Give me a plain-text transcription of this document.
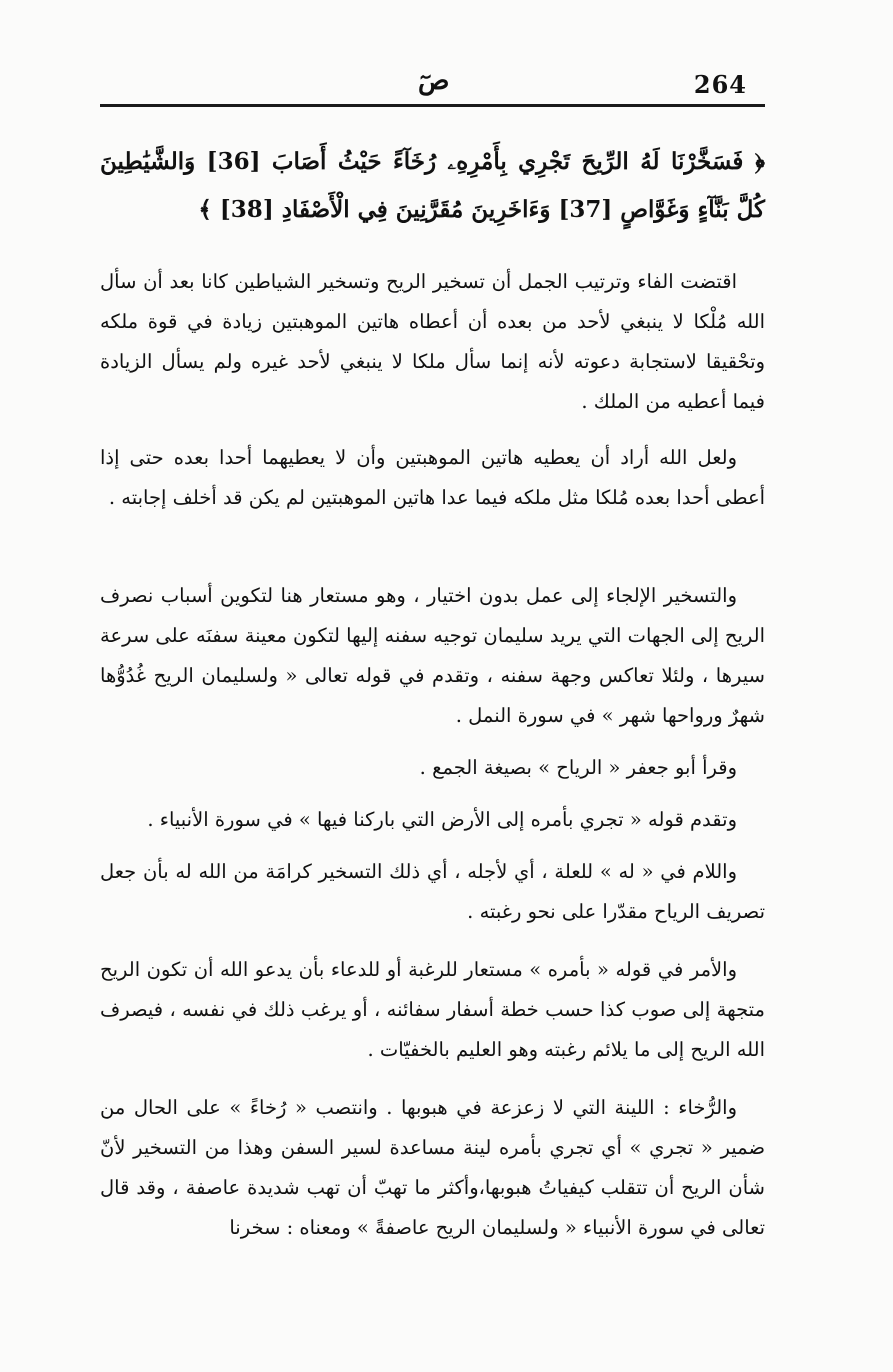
264
صٓ
﴿ فَسَخَّرْنَا لَهُ الرِّيحَ تَجْرِي بِأَمْرِهِۦ رُخَآءً حَيْثُ أَصَابَ [36] وَالشَّيَٰطِينَ كُلَّ بَنَّآءٍ وَغَوَّاصٍ [37] وَءَاخَرِينَ مُقَرَّنِينَ فِي الْأَصْفَادِ [38] ﴾
اقتضت الفاء وترتيب الجمل أن تسخير الريح وتسخير الشياطين كانا بعد أن سأل الله مُلْكا لا ينبغي لأحد من بعده أن أعطاه هاتين الموهبتين زيادة في قوة ملكه وتحْقيقا لاستجابة دعوته لأنه إنما سأل ملكا لا ينبغي لأحد غيره ولم يسأل الزيادة فيما أعطيه من الملك .
ولعل الله أراد أن يعطيه هاتين الموهبتين وأن لا يعطيهما أحدا بعده حتى إذا أعطى أحدا بعده مُلكا مثل ملكه فيما عدا هاتين الموهبتين لم يكن قد أخلف إجابته .
والتسخير الإلجاء إلى عمل بدون اختيار ، وهو مستعار هنا لتكوين أسباب نصرف الريح إلى الجهات التي يريد سليمان توجيه سفنه إليها لتكون معينة سفنَه على سرعة سيرها ، ولئلا تعاكس وجهة سفنه ، وتقدم في قوله تعالى « ولسليمان الريح غُدُوُّها شهرٌ ورواحها شهر » في سورة النمل .
وقرأ أبو جعفر « الرياح » بصيغة الجمع .
وتقدم قوله « تجري بأمره إلى الأرض التي باركنا فيها » في سورة الأنبياء .
واللام في « له » للعلة ، أي لأجله ، أي ذلك التسخير كرامَة من الله له بأن جعل تصريف الرياح مقدّرا على نحو رغبته .
والأمر في قوله « بأمره » مستعار للرغبة أو للدعاء بأن يدعو الله أن تكون الريح متجهة إلى صوب كذا حسب خطة أسفار سفائنه ، أو يرغب ذلك في نفسه ، فيصرف الله الريح إلى ما يلائم رغبته وهو العليم بالخفيّات .
والرُّخاء : اللينة التي لا زعزعة في هبوبها . وانتصب « رُخاءً » على الحال من ضمير « تجري » أي تجري بأمره لينة مساعدة لسير السفن وهذا من التسخير لأنّ شأن الريح أن تتقلب كيفياتُ هبوبها،وأكثر ما تهبّ أن تهب شديدة عاصفة ، وقد قال تعالى في سورة الأنبياء « ولسليمان الريح عاصفةً » ومعناه : سخرنا
